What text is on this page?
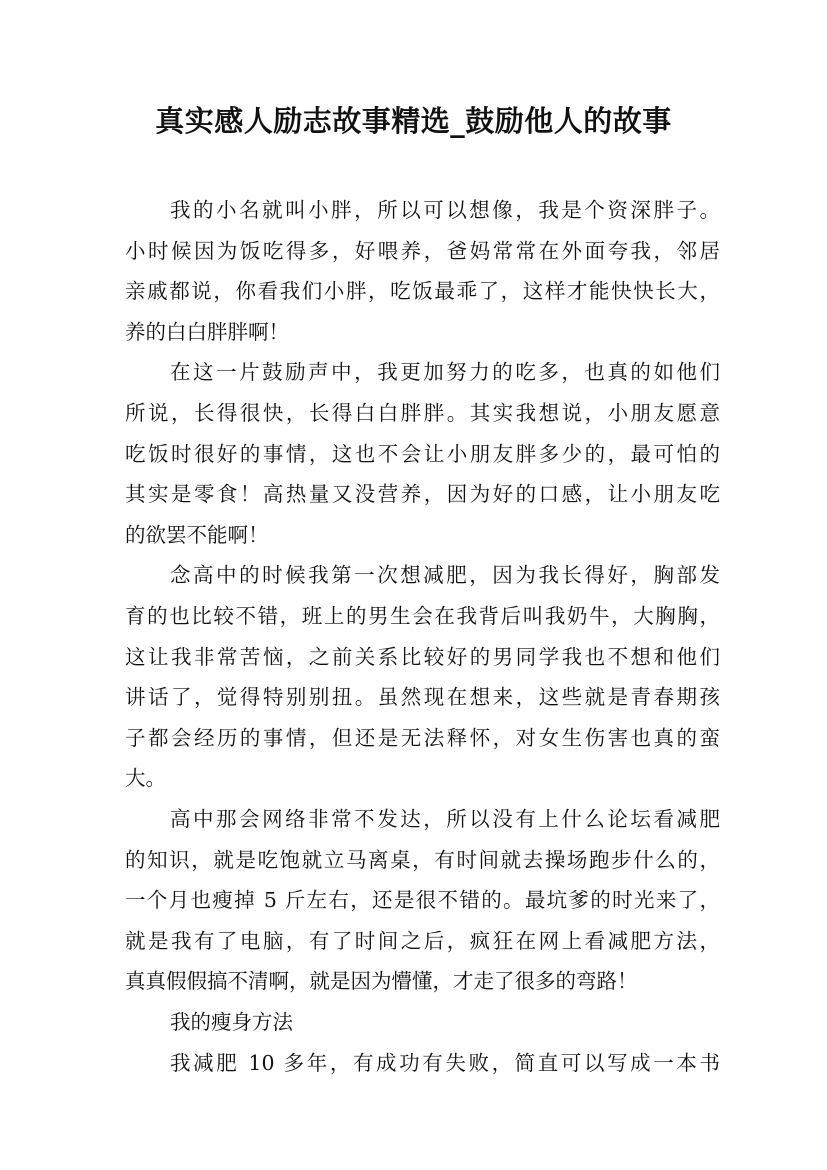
真实感人励志故事精选_鼓励他人的故事
我的小名就叫小胖，所以可以想像，我是个资深胖子。
小时候因为饭吃得多，好喂养，爸妈常常在外面夸我，邻居
亲戚都说，你看我们小胖，吃饭最乖了，这样才能快快长大，
养的白白胖胖啊！
在这一片鼓励声中，我更加努力的吃多，也真的如他们
所说，长得很快，长得白白胖胖。其实我想说，小朋友愿意
吃饭时很好的事情，这也不会让小朋友胖多少的，最可怕的
其实是零食！高热量又没营养，因为好的口感，让小朋友吃
的欲罢不能啊！
念高中的时候我第一次想减肥，因为我长得好，胸部发
育的也比较不错，班上的男生会在我背后叫我奶牛，大胸胸，
这让我非常苦恼，之前关系比较好的男同学我也不想和他们
讲话了，觉得特别别扭。虽然现在想来，这些就是青春期孩
子都会经历的事情，但还是无法释怀，对女生伤害也真的蛮
大。
高中那会网络非常不发达，所以没有上什么论坛看减肥
的知识，就是吃饱就立马离桌，有时间就去操场跑步什么的，
一个月也瘦掉 5 斤左右，还是很不错的。最坑爹的时光来了，
就是我有了电脑，有了时间之后，疯狂在网上看减肥方法，
真真假假搞不清啊，就是因为懵懂，才走了很多的弯路！
我的瘦身方法
我减肥 10 多年，有成功有失败，简直可以写成一本书
